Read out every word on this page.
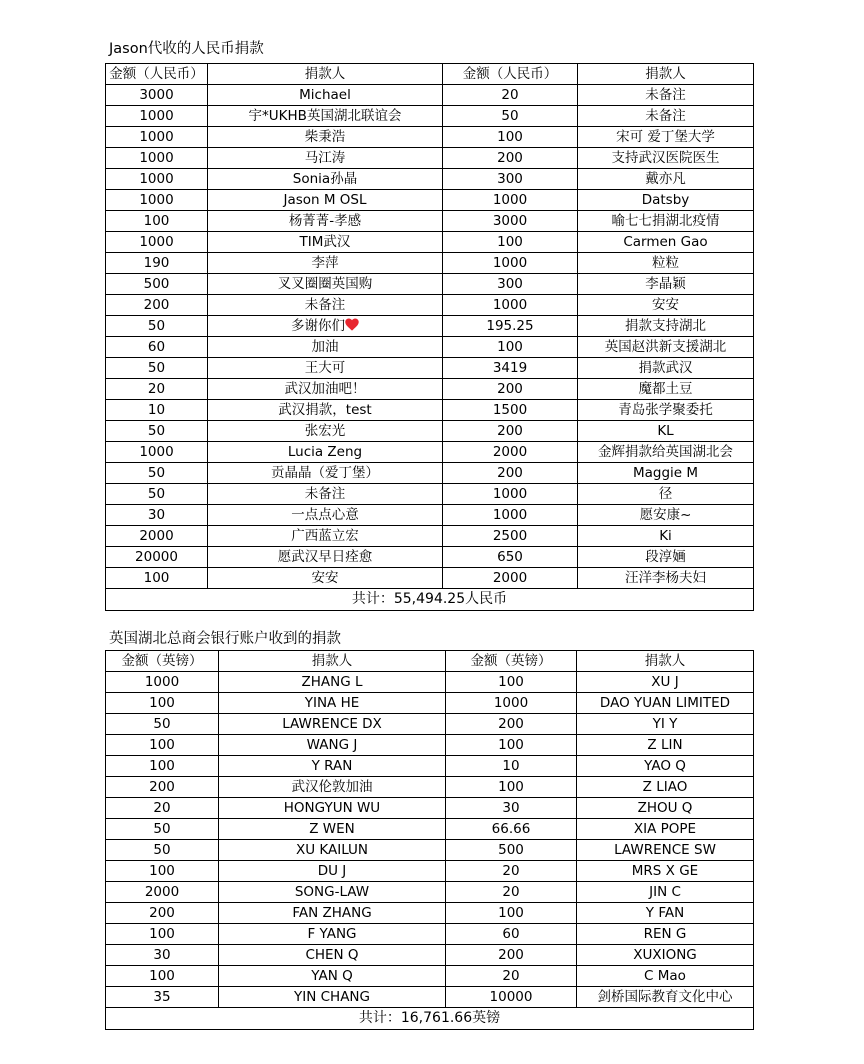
Jason代收的人民币捐款
金额（人民币）	捐款人	金额（人民币）	捐款人
3000	Michael	20	未备注
1000	宇*UKHB英国湖北联谊会	50	未备注
1000	柴秉浩	100	宋可 爱丁堡大学
1000	马江涛	200	支持武汉医院医生
1000	Sonia孙晶	300	戴亦凡
1000	Jason M OSL	1000	Datsby
100	杨菁菁-孝感	3000	喻七七捐湖北疫情
1000	TIM武汉	100	Carmen Gao
190	李萍	1000	粒粒
500	叉叉圈圈英国购	300	李晶颖
200	未备注	1000	安安
50	多谢你们	195.25	捐款支持湖北
60	加油	100	英国赵洪新支援湖北
50	王大可	3419	捐款武汉
20	武汉加油吧！	200	魔都土豆
10	武汉捐款，test	1500	青岛张学聚委托
50	张宏光	200	KL
1000	Lucia Zeng	2000	金辉捐款给英国湖北会
50	贡晶晶（爱丁堡）	200	Maggie M
50	未备注	1000	径
30	一点点心意	1000	愿安康~
2000	广西蓝立宏	2500	Ki
20000	愿武汉早日痊愈	650	段淳婳
100	安安	2000	汪洋李杨夫妇
共计：55,494.25人民币			
英国湖北总商会银行账户收到的捐款
金额（英镑）	捐款人	金额（英镑）	捐款人
1000	ZHANG L	100	XU J
100	YINA HE	1000	DAO YUAN LIMITED
50	LAWRENCE DX	200	YI Y
100	WANG J	100	Z LIN
100	Y RAN	10	YAO Q
200	武汉伦敦加油	100	Z LIAO
20	HONGYUN WU	30	ZHOU Q
50	Z WEN	66.66	XIA POPE
50	XU KAILUN	500	LAWRENCE SW
100	DU J	20	MRS X GE
2000	SONG-LAW	20	JIN C
200	FAN ZHANG	100	Y FAN
100	F YANG	60	REN G
30	CHEN Q	200	XUXIONG
100	YAN Q	20	C Mao
35	YIN CHANG	10000	剑桥国际教育文化中心
共计：16,761.66英镑			
